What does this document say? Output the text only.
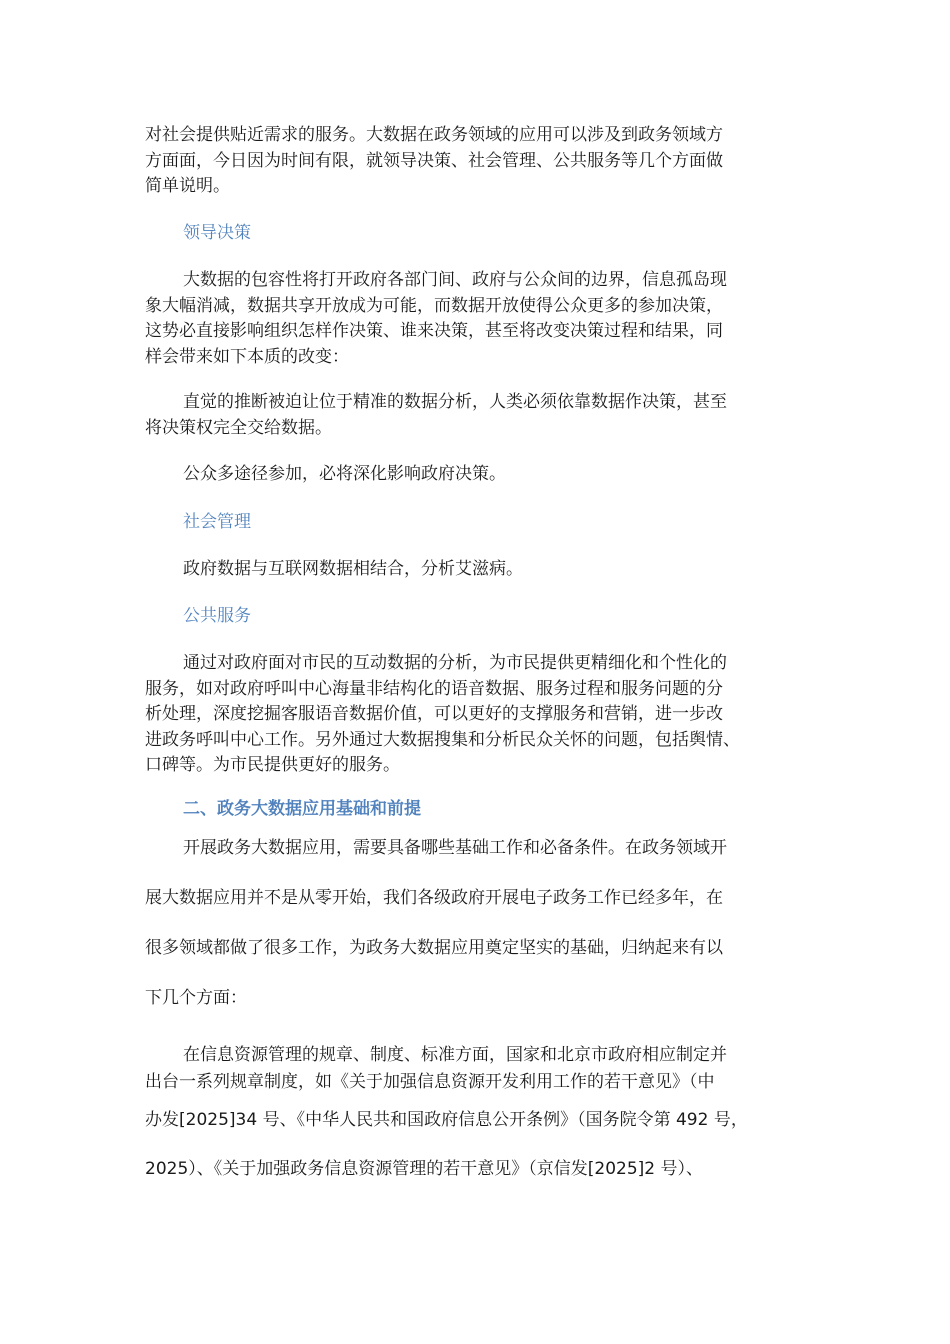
对社会提供贴近需求的服务。大数据在政务领域的应用可以涉及到政务领域方
方面面，今日因为时间有限，就领导决策、社会管理、公共服务等几个方面做
简单说明。

领导决策

大数据的包容性将打开政府各部门间、政府与公众间的边界，信息孤岛现
象大幅消减，数据共享开放成为可能，而数据开放使得公众更多的参加决策，
这势必直接影响组织怎样作决策、谁来决策，甚至将改变决策过程和结果，同
样会带来如下本质的改变：

直觉的推断被迫让位于精准的数据分析，人类必须依靠数据作决策，甚至
将决策权完全交给数据。

公众多途径参加，必将深化影响政府决策。

社会管理

政府数据与互联网数据相结合，分析艾滋病。

公共服务

通过对政府面对市民的互动数据的分析，为市民提供更精细化和个性化的
服务，如对政府呼叫中心海量非结构化的语音数据、服务过程和服务问题的分
析处理，深度挖掘客服语音数据价值，可以更好的支撑服务和营销，进一步改
进政务呼叫中心工作。另外通过大数据搜集和分析民众关怀的问题，包括舆情、
口碑等。为市民提供更好的服务。

二、政务大数据应用基础和前提

开展政务大数据应用，需要具备哪些基础工作和必备条件。在政务领域开
展大数据应用并不是从零开始，我们各级政府开展电子政务工作已经多年，在
很多领域都做了很多工作，为政务大数据应用奠定坚实的基础，归纳起来有以
下几个方面：

在信息资源管理的规章、制度、标准方面，国家和北京市政府相应制定并

出台一系列规章制度，如《关于加强信息资源开发利用工作的若干意见》（中

办发[2025]34 号、《中华人民共和国政府信息公开条例》（国务院令第 492 号，

2025）、《关于加强政务信息资源管理的若干意见》（京信发[2025]2 号）、
